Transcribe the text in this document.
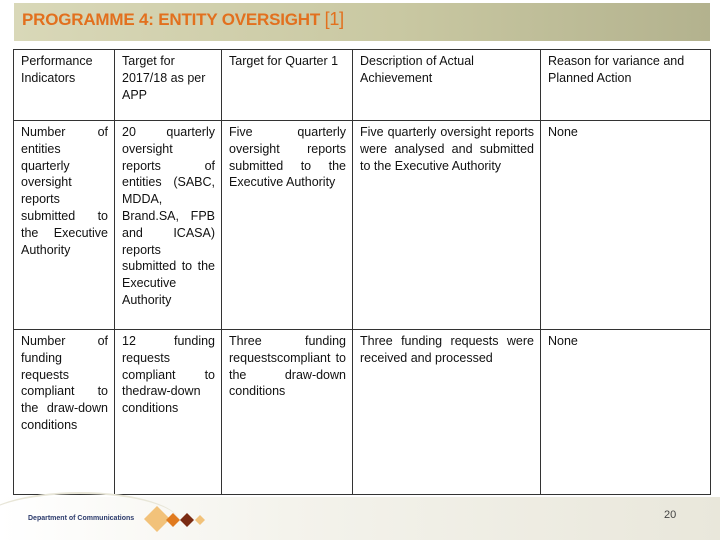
PROGRAMME 4: ENTITY OVERSIGHT [1]
Performance Indicators	Target for 2017/18 as per APP	Target for Quarter 1	Description of Actual Achievement	Reason for variance and Planned Action
Number of entities quarterly oversight reports submitted to the Executive Authority	20 quarterly oversight reports of entities (SABC, MDDA, Brand.SA, FPB and ICASA) reports submitted to the Executive Authority	Five quarterly oversight reports submitted to the Executive Authority	Five quarterly oversight reports were analysed and submitted to the Executive Authority	None
Number of funding requests compliant to the draw-down conditions	12 funding requests compliant to thedraw-down conditions	Three funding requestscompliant to the draw-down conditions	Three funding requests were received and processed	None
Department of Communications	20
